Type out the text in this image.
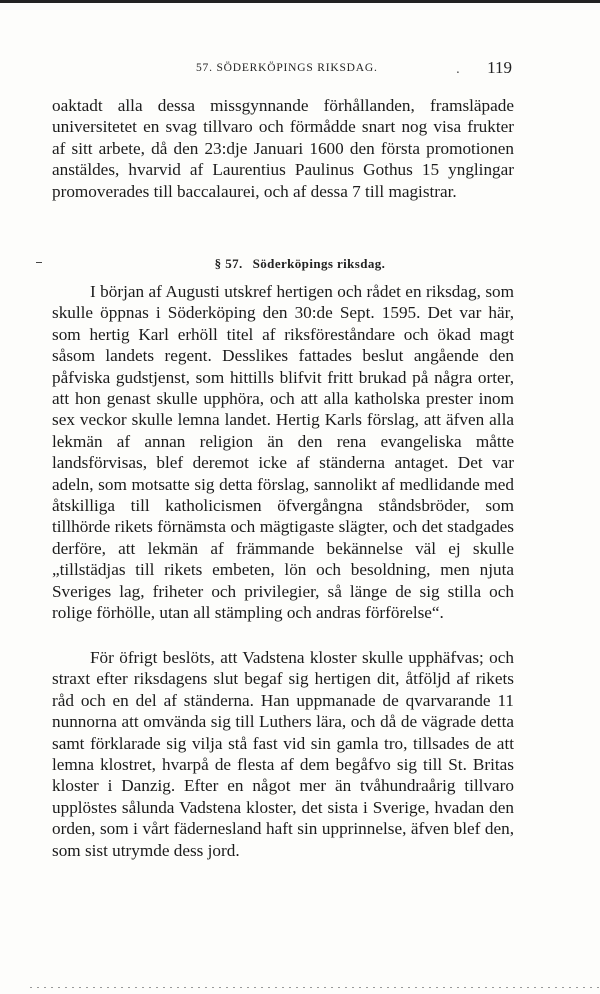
57. SÖDERKÖPINGS RIKSDAG.	. 119

oaktadt alla dessa missgynnande förhållanden, framsläpade universitetet en svag tillvaro och förmådde snart nog visa frukter af sitt arbete, då den 23:dje Januari 1600 den första promotionen anstäldes, hvarvid af Laurentius Paulinus Gothus 15 ynglingar promoverades till baccalaurei, och af dessa 7 till magistrar.

§ 57. Söderköpings riksdag.

I början af Augusti utskref hertigen och rådet en riksdag, som skulle öppnas i Söderköping den 30:de Sept. 1595. Det var här, som hertig Karl erhöll titel af riksföreståndare och ökad magt såsom landets regent. Desslikes fattades beslut angående den påfviska gudstjenst, som hittills blifvit fritt brukad på några orter, att hon genast skulle upphöra, och att alla katholska prester inom sex veckor skulle lemna landet. Hertig Karls förslag, att äfven alla lekmän af annan religion än den rena evangeliska måtte landsförvisas, blef deremot icke af ständerna antaget. Det var adeln, som motsatte sig detta förslag, sannolikt af medlidande med åtskilliga till katholicismen öfvergångna ståndsbröder, som tillhörde rikets förnämsta och mägtigaste slägter, och det stadgades derföre, att lekmän af främmande bekännelse väl ej skulle „tillstädjas till rikets embeten, lön och besoldning, men njuta Sveriges lag, friheter och privilegier, så länge de sig stilla och rolige förhölle, utan all stämpling och andras förförelse“.

För öfrigt beslöts, att Vadstena kloster skulle upphäfvas; och straxt efter riksdagens slut begaf sig hertigen dit, åtföljd af rikets råd och en del af ständerna. Han uppmanade de qvarvarande 11 nunnorna att omvända sig till Luthers lära, och då de vägrade detta samt förklarade sig vilja stå fast vid sin gamla tro, tillsades de att lemna klostret, hvarpå de flesta af dem begåfvo sig till St. Britas kloster i Danzig. Efter en något mer än tvåhundraårig tillvaro upplöstes sålunda Vadstena kloster, det sista i Sverige, hvadan den orden, som i vårt fädernesland haft sin upprinnelse, äfven blef den, som sist utrymde dess jord.
